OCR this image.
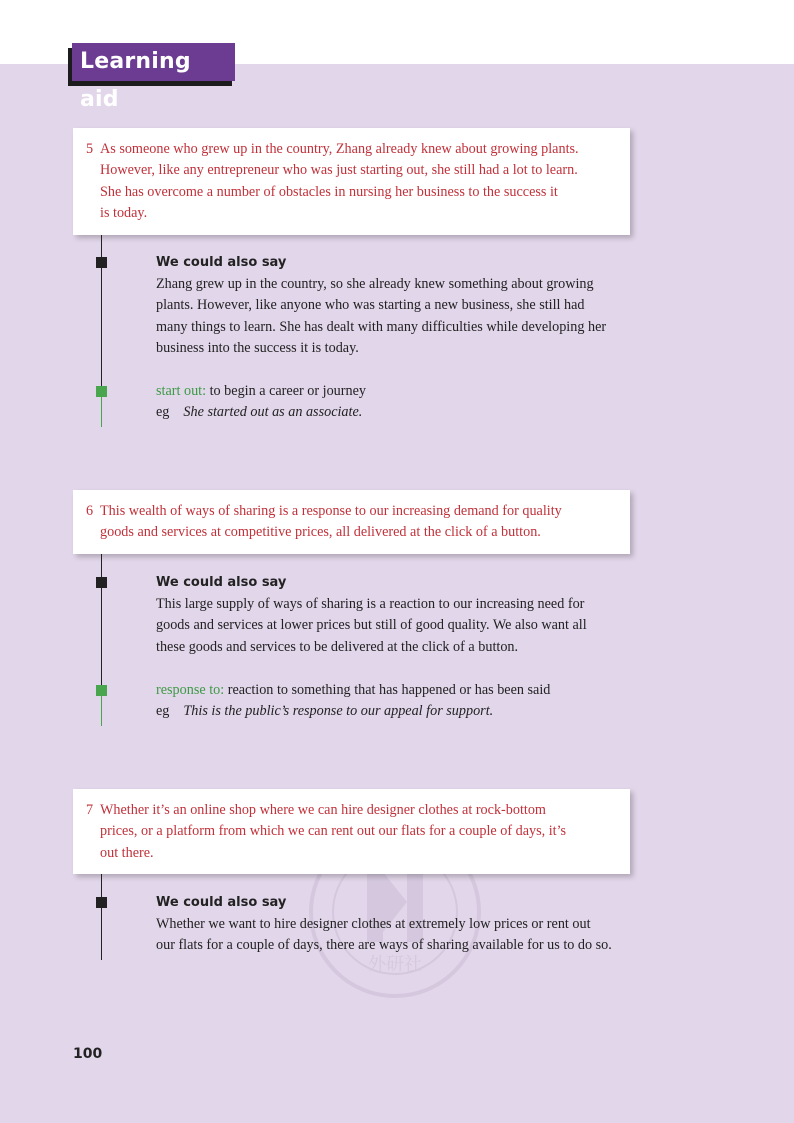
Learning aid
5 As someone who grew up in the country, Zhang already knew about growing plants.
However, like any entrepreneur who was just starting out, she still had a lot to learn.
She has overcome a number of obstacles in nursing her business to the success it
is today.
We could also say
Zhang grew up in the country, so she already knew something about growing
plants. However, like anyone who was starting a new business, she still had
many things to learn. She has dealt with many difficulties while developing her
business into the success it is today.
start out: to begin a career or journey
eg She started out as an associate.
6 This wealth of ways of sharing is a response to our increasing demand for quality
goods and services at competitive prices, all delivered at the click of a button.
We could also say
This large supply of ways of sharing is a reaction to our increasing need for
goods and services at lower prices but still of good quality. We also want all
these goods and services to be delivered at the click of a button.
response to: reaction to something that has happened or has been said
eg This is the public’s response to our appeal for support.
7 Whether it’s an online shop where we can hire designer clothes at rock-bottom
prices, or a platform from which we can rent out our flats for a couple of days, it’s
out there.
We could also say
Whether we want to hire designer clothes at extremely low prices or rent out
our flats for a couple of days, there are ways of sharing available for us to do so.
100
